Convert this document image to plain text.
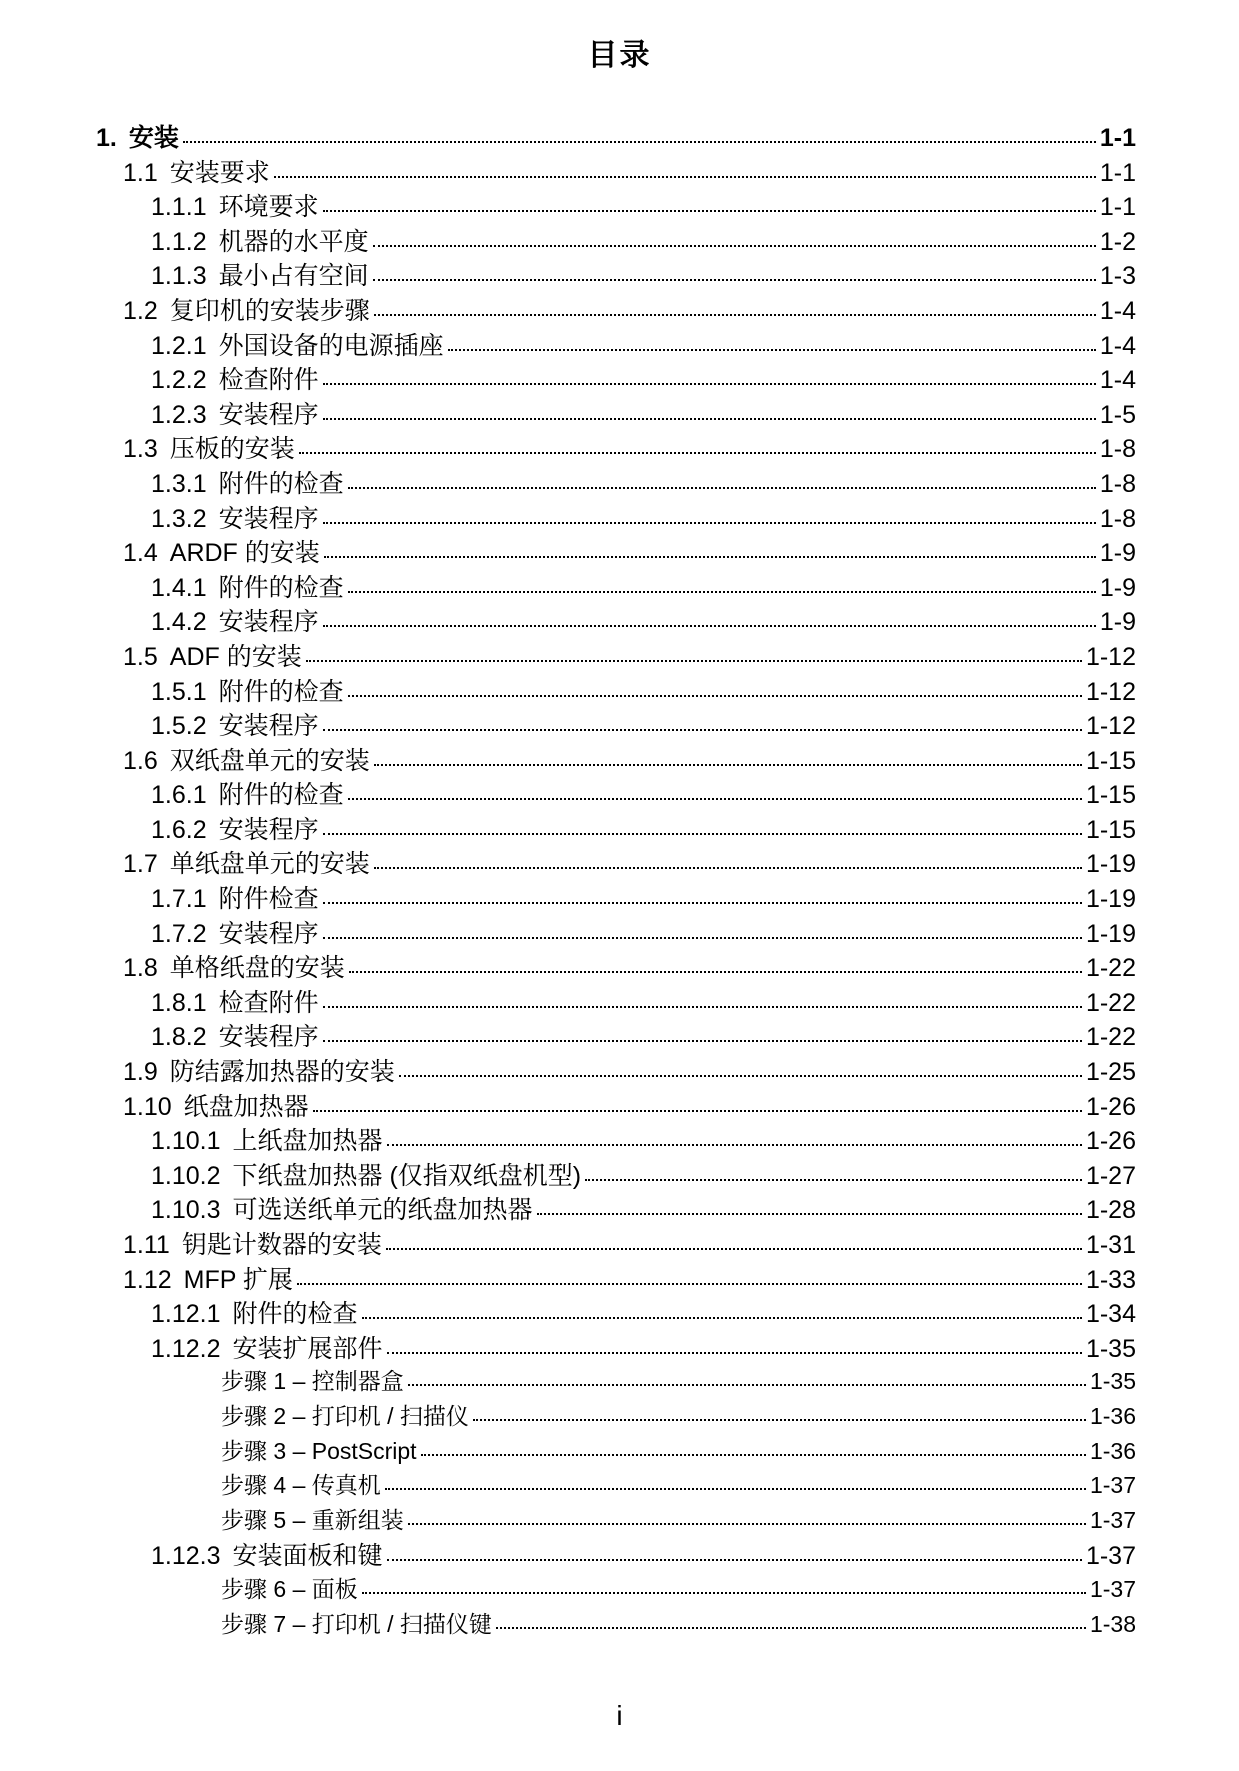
目录
1. 安装	1-1
1.1 安装要求	1-1
1.1.1 环境要求	1-1
1.1.2 机器的水平度	1-2
1.1.3 最小占有空间	1-3
1.2 复印机的安装步骤	1-4
1.2.1 外国设备的电源插座	1-4
1.2.2 检查附件	1-4
1.2.3 安装程序	1-5
1.3 压板的安装	1-8
1.3.1 附件的检查	1-8
1.3.2 安装程序	1-8
1.4 ARDF 的安装	1-9
1.4.1 附件的检查	1-9
1.4.2 安装程序	1-9
1.5 ADF 的安装	1-12
1.5.1 附件的检查	1-12
1.5.2 安装程序	1-12
1.6 双纸盘单元的安装	1-15
1.6.1 附件的检查	1-15
1.6.2 安装程序	1-15
1.7 单纸盘单元的安装	1-19
1.7.1 附件检查	1-19
1.7.2 安装程序	1-19
1.8 单格纸盘的安装	1-22
1.8.1 检查附件	1-22
1.8.2 安装程序	1-22
1.9 防结露加热器的安装	1-25
1.10 纸盘加热器	1-26
1.10.1 上纸盘加热器	1-26
1.10.2 下纸盘加热器 (仅指双纸盘机型)	1-27
1.10.3 可选送纸单元的纸盘加热器	1-28
1.11 钥匙计数器的安装	1-31
1.12 MFP 扩展	1-33
1.12.1 附件的检查	1-34
1.12.2 安装扩展部件	1-35
步骤 1 – 控制器盒	1-35
步骤 2 – 打印机 / 扫描仪	1-36
步骤 3 – PostScript	1-36
步骤 4 – 传真机	1-37
步骤 5 – 重新组装	1-37
1.12.3 安装面板和键	1-37
步骤 6 – 面板	1-37
步骤 7 – 打印机 / 扫描仪键	1-38
i
